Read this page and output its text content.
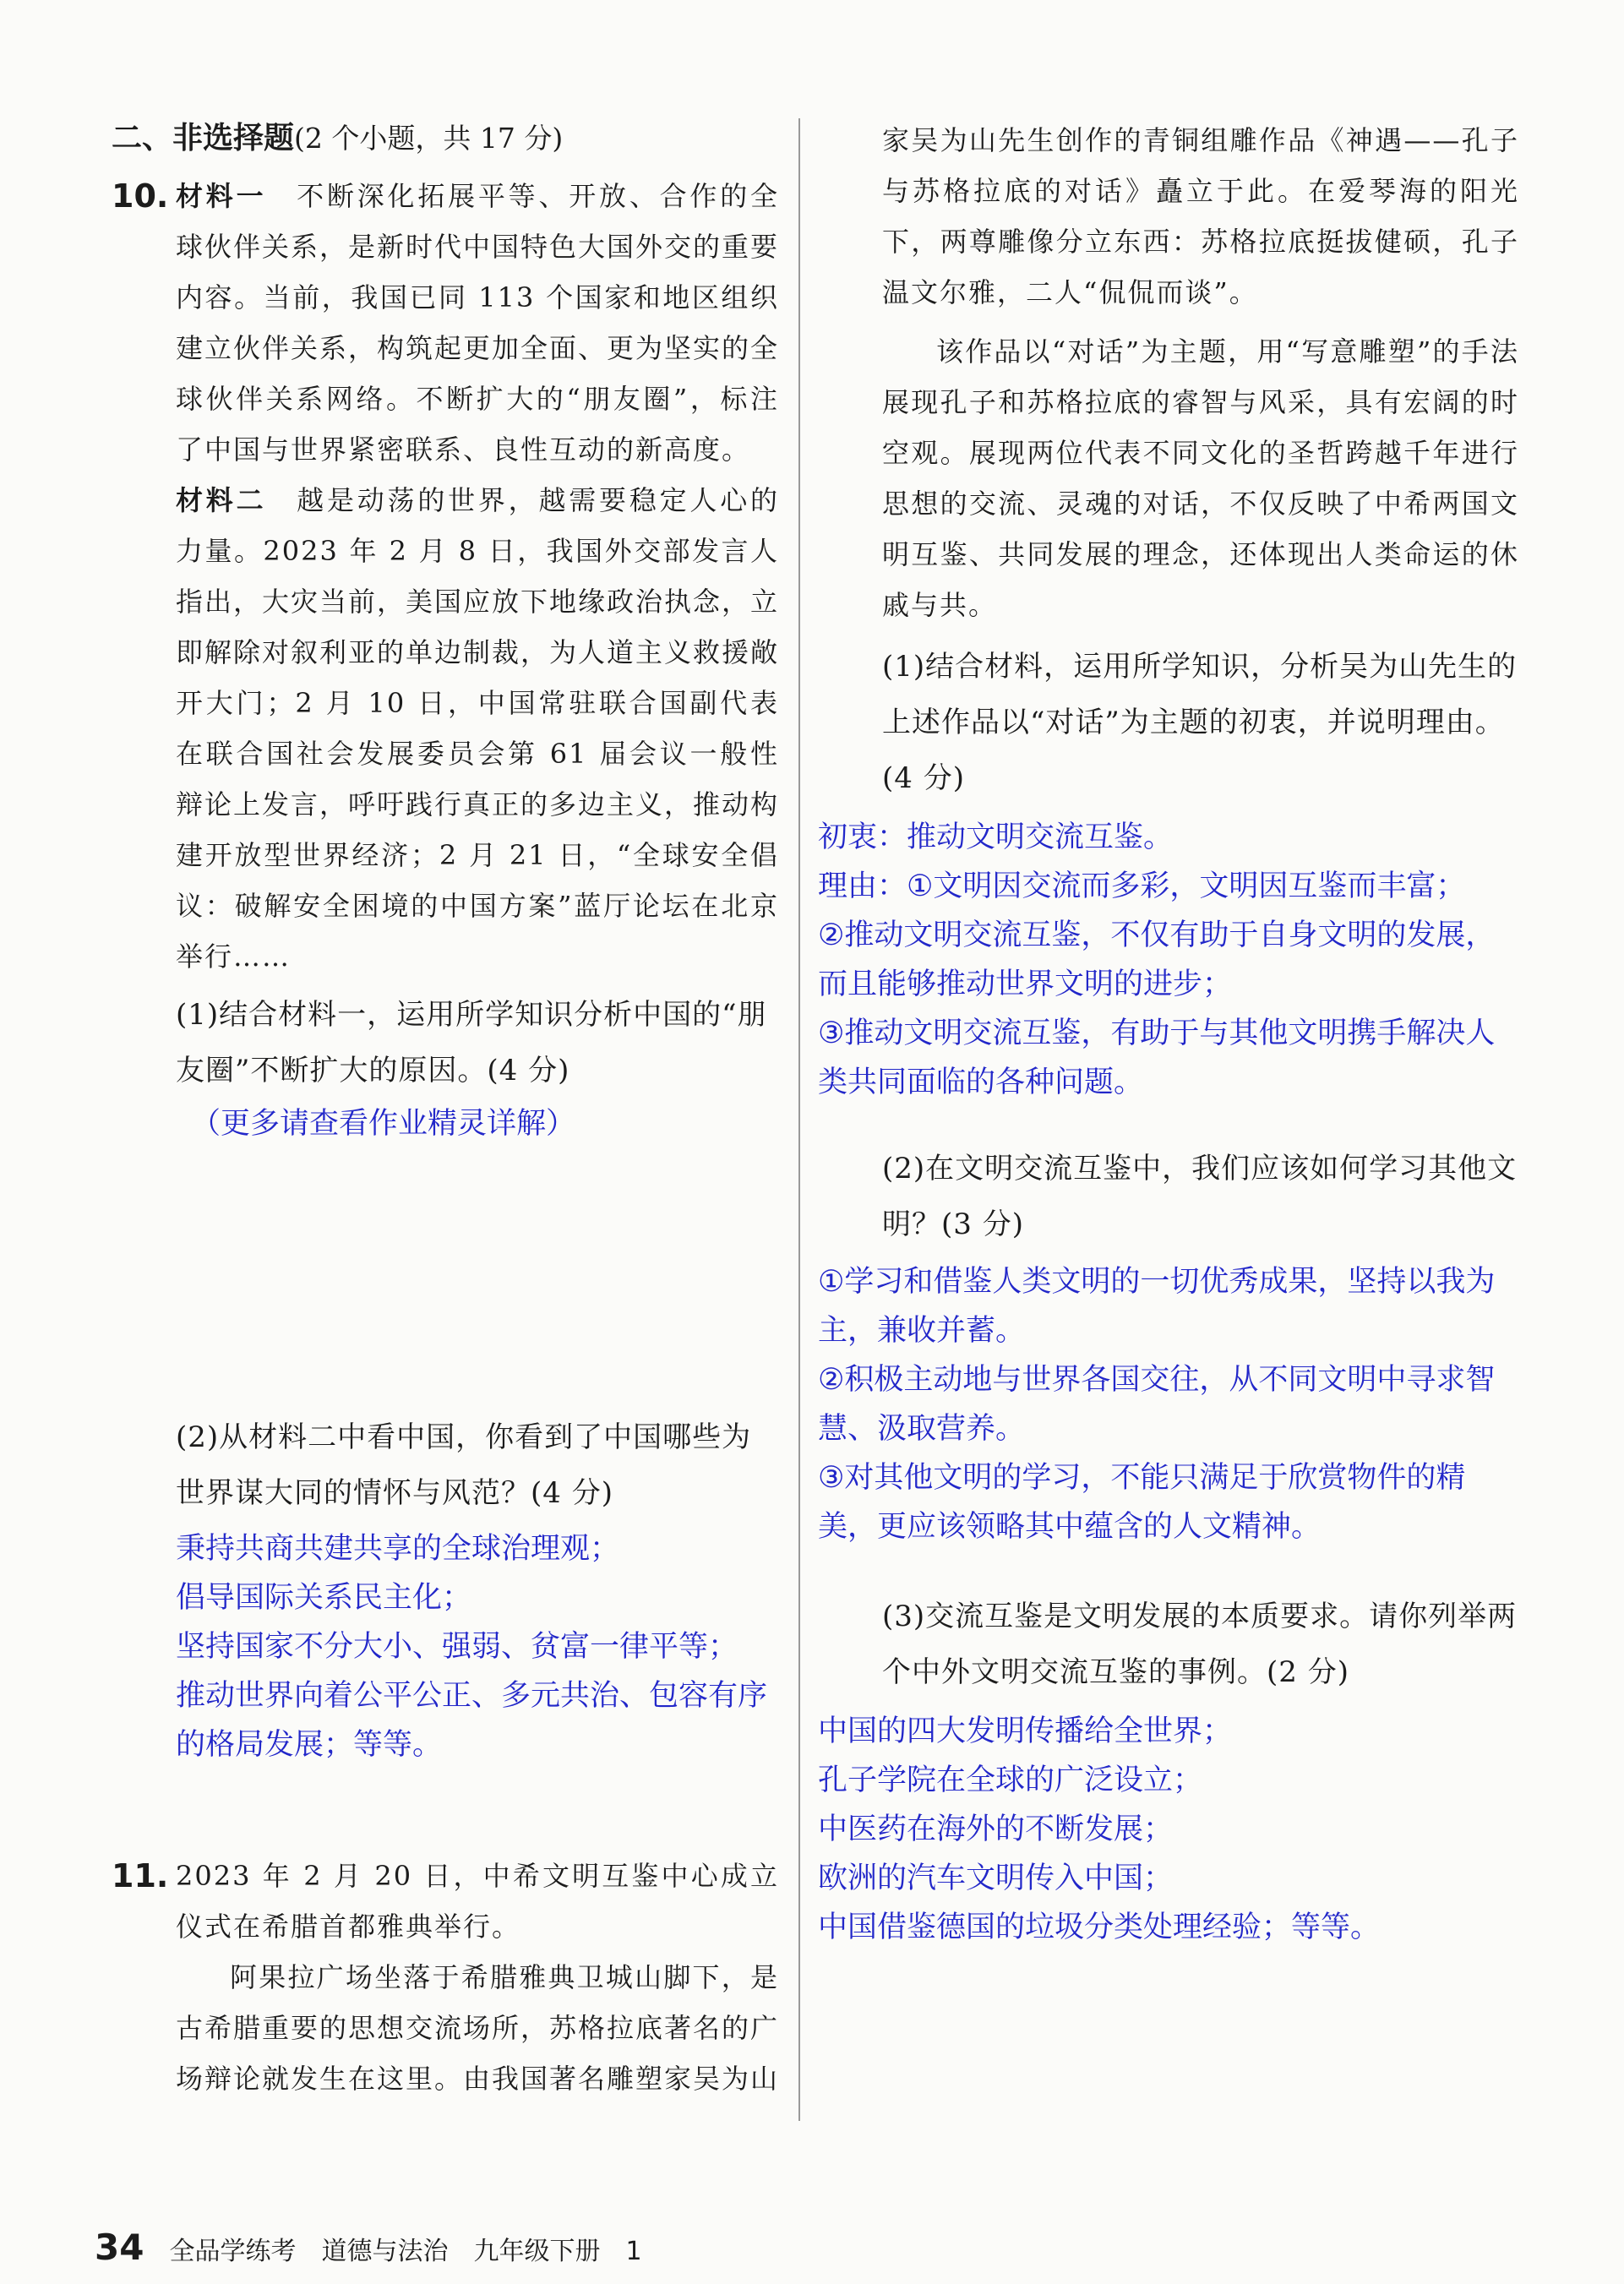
二、非选择题(2 个小题，共 17 分)

10. 材料一  不断深化拓展平等、开放、合作的全球伙伴关系，是新时代中国特色大国外交的重要内容。当前，我国已同 113 个国家和地区组织建立伙伴关系，构筑起更加全面、更为坚实的全球伙伴关系网络。不断扩大的“朋友圈”，标注了中国与世界紧密联系、良性互动的新高度。

材料二  越是动荡的世界，越需要稳定人心的力量。2023 年 2 月 8 日，我国外交部发言人指出，大灾当前，美国应放下地缘政治执念，立即解除对叙利亚的单边制裁，为人道主义救援敞开大门；2 月 10 日，中国常驻联合国副代表在联合国社会发展委员会第 61 届会议一般性辩论上发言，呼吁践行真正的多边主义，推动构建开放型世界经济；2 月 21 日，“全球安全倡议：破解安全困境的中国方案”蓝厅论坛在北京举行……

(1)结合材料一，运用所学知识分析中国的“朋友圈”不断扩大的原因。(4 分)

（更多请查看作业精灵详解）

(2)从材料二中看中国，你看到了中国哪些为世界谋大同的情怀与风范？(4 分)

秉持共商共建共享的全球治理观；
倡导国际关系民主化；
坚持国家不分大小、强弱、贫富一律平等；
推动世界向着公平公正、多元共治、包容有序的格局发展；等等。
11. 2023 年 2 月 20 日，中希文明互鉴中心成立仪式在希腊首都雅典举行。

阿果拉广场坐落于希腊雅典卫城山脚下，是古希腊重要的思想交流场所，苏格拉底著名的广场辩论就发生在这里。由我国著名雕塑家吴为山

家吴为山先生创作的青铜组雕作品《神遇——孔子与苏格拉底的对话》矗立于此。在爱琴海的阳光下，两尊雕像分立东西：苏格拉底挺拔健硕，孔子温文尔雅，二人“侃侃而谈”。

该作品以“对话”为主题，用“写意雕塑”的手法展现孔子和苏格拉底的睿智与风采，具有宏阔的时空观。展现两位代表不同文化的圣哲跨越千年进行思想的交流、灵魂的对话，不仅反映了中希两国文明互鉴、共同发展的理念，还体现出人类命运的休戚与共。

(1)结合材料，运用所学知识，分析吴为山先生的上述作品以“对话”为主题的初衷，并说明理由。(4 分)

初衷：推动文明交流互鉴。
理由：①文明因交流而多彩，文明因互鉴而丰富；
②推动文明交流互鉴，不仅有助于自身文明的发展，而且能够推动世界文明的进步；
③推动文明交流互鉴，有助于与其他文明携手解决人类共同面临的各种问题。

(2)在文明交流互鉴中，我们应该如何学习其他文明？(3 分)

①学习和借鉴人类文明的一切优秀成果，坚持以我为主，兼收并蓄。
②积极主动地与世界各国交往，从不同文明中寻求智慧、汲取营养。
③对其他文明的学习，不能只满足于欣赏物件的精美，更应该领略其中蕴含的人文精神。

(3)交流互鉴是文明发展的本质要求。请你列举两个中外文明交流互鉴的事例。(2 分)

中国的四大发明传播给全世界；
孔子学院在全球的广泛设立；
中医药在海外的不断发展；
欧洲的汽车文明传入中国；
中国借鉴德国的垃圾分类处理经验；等等。
34 全品学练考 道德与法治 九年级下册 1
